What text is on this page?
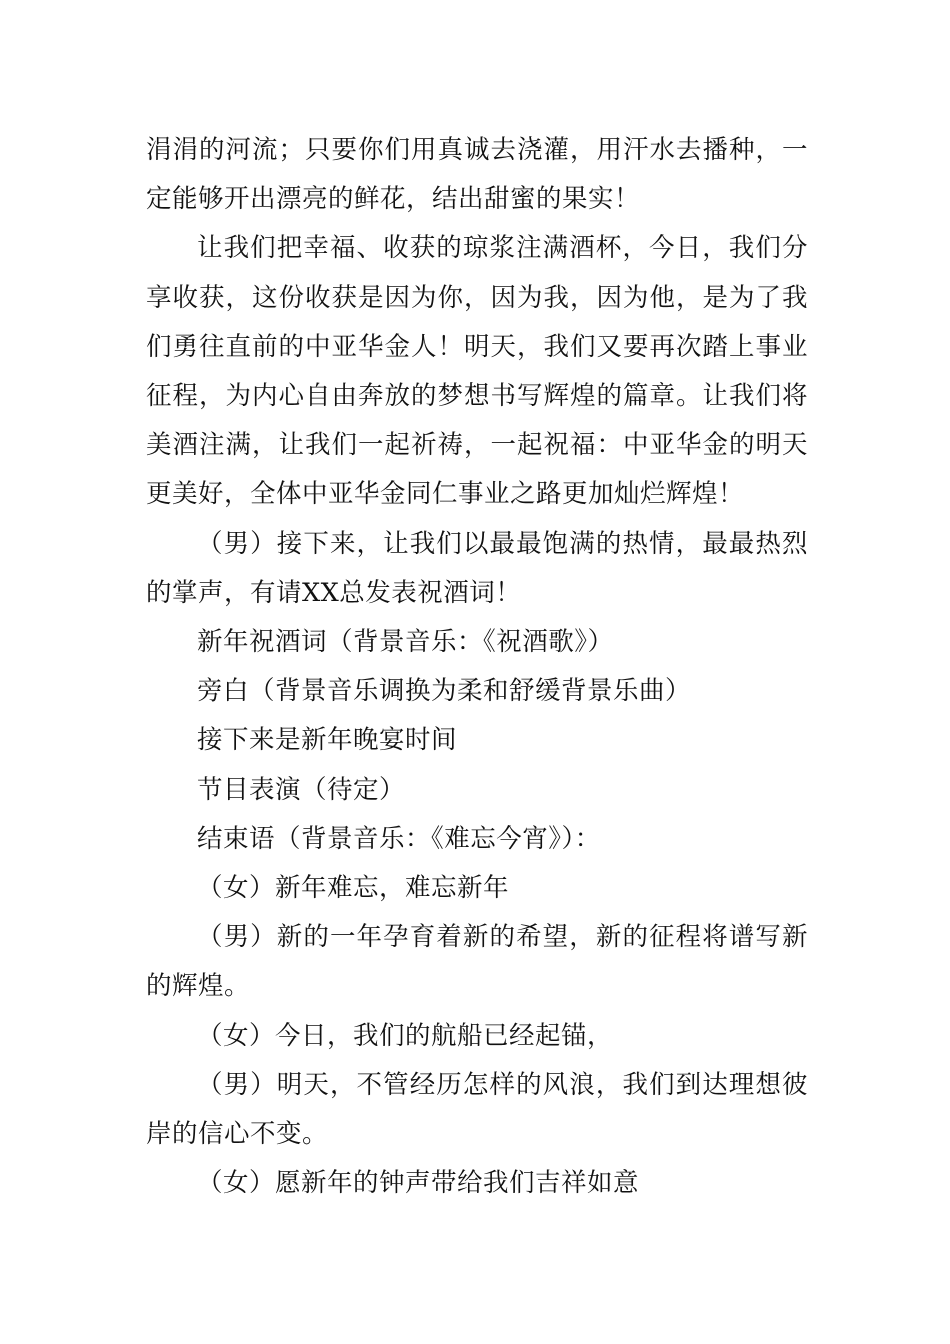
涓涓的河流；只要你们用真诚去浇灌，用汗水去播种，一定能够开出漂亮的鲜花，结出甜蜜的果实！

让我们把幸福、收获的琼浆注满酒杯，今日，我们分享收获，这份收获是因为你，因为我，因为他，是为了我们勇往直前的中亚华金人！明天，我们又要再次踏上事业征程，为内心自由奔放的梦想书写辉煌的篇章。让我们将美酒注满，让我们一起祈祷，一起祝福：中亚华金的明天更美好，全体中亚华金同仁事业之路更加灿烂辉煌！

（男）接下来，让我们以最最饱满的热情，最最热烈的掌声，有请XX总发表祝酒词！

新年祝酒词（背景音乐：《祝酒歌》）

旁白（背景音乐调换为柔和舒缓背景乐曲）

接下来是新年晚宴时间

节目表演（待定）

结束语（背景音乐：《难忘今宵》）：

（女）新年难忘，难忘新年

（男）新的一年孕育着新的希望，新的征程将谱写新的辉煌。

（女）今日，我们的航船已经起锚，

（男）明天，不管经历怎样的风浪，我们到达理想彼岸的信心不变。

（女）愿新年的钟声带给我们吉祥如意
